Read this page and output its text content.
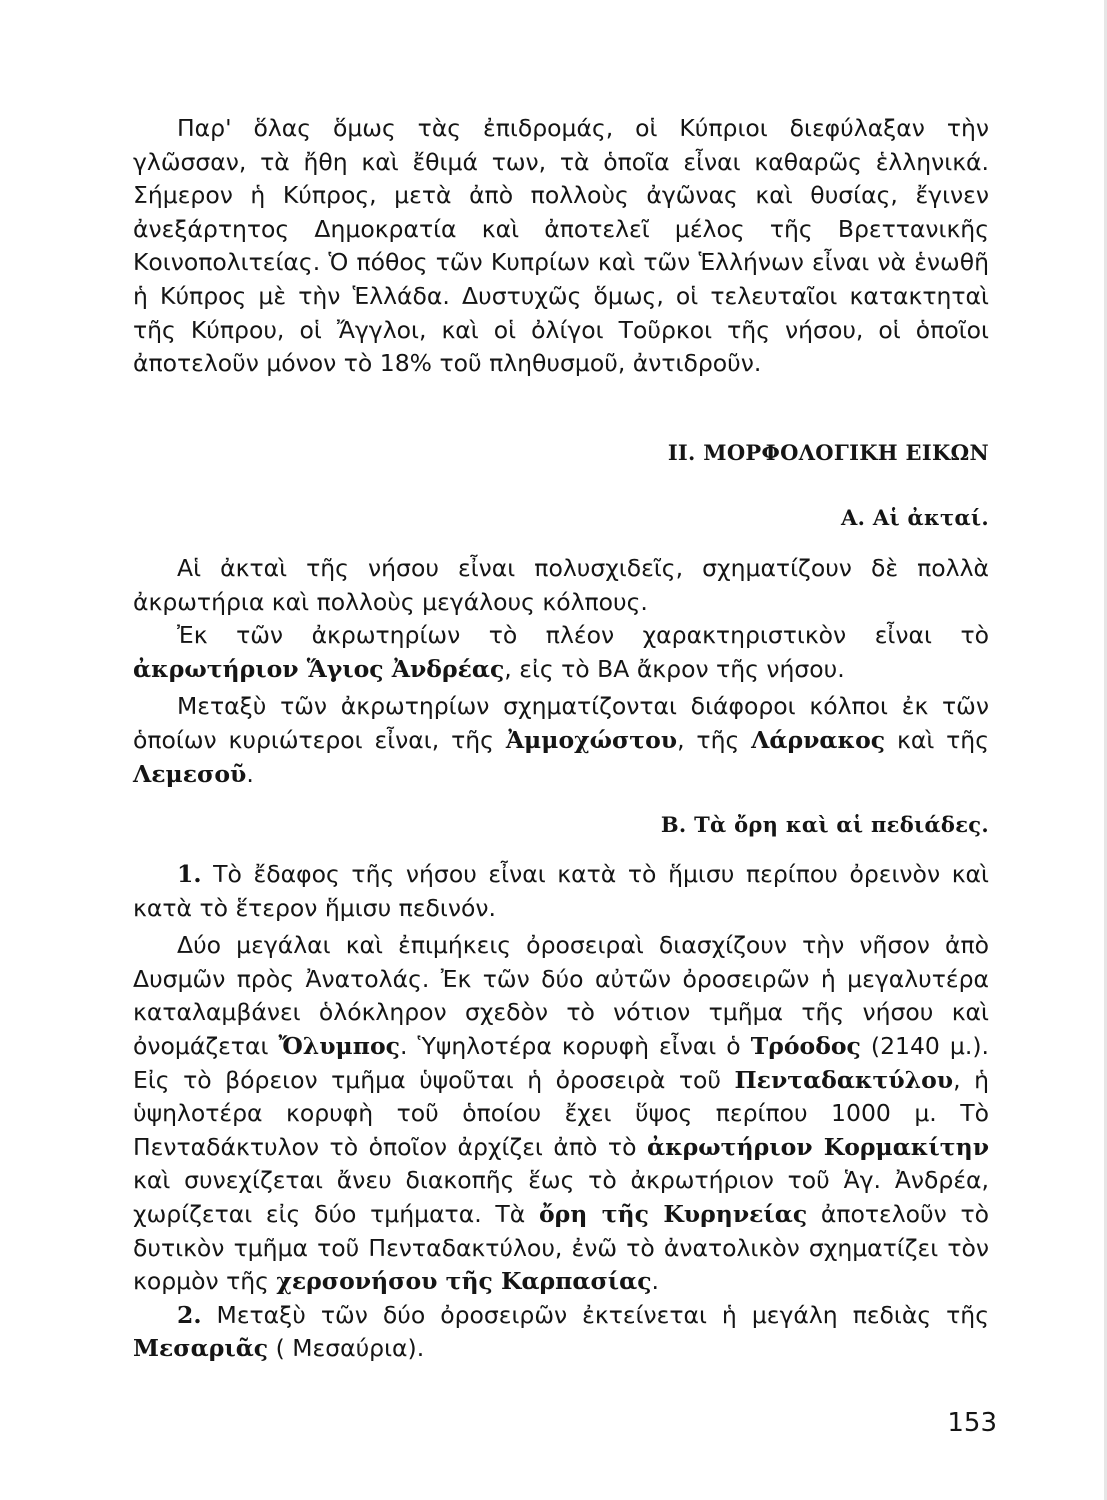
Παρ' ὅλας ὅμως τὰς ἐπιδρομάς, οἱ Κύπριοι διεφύλαξαν τὴν γλῶσσαν, τὰ ἤθη καὶ ἔθιμά των, τὰ ὁποῖα εἶναι καθαρῶς ἑλληνικά. Σήμερον ἡ Κύπρος, μετὰ ἀπὸ πολλοὺς ἀγῶνας καὶ θυσίας, ἔγινεν ἀνεξάρτητος Δημοκρατία καὶ ἀποτελεῖ μέλος τῆς Βρεττανικῆς Κοινοπολιτείας. Ὁ πόθος τῶν Κυπρίων καὶ τῶν Ἑλλήνων εἶναι νὰ ἑνωθῆ ἡ Κύπρος μὲ τὴν Ἑλλάδα. Δυστυχῶς ὅμως, οἱ τελευταῖοι κατακτηταὶ τῆς Κύπρου, οἱ Ἄγγλοι, καὶ οἱ ὀλίγοι Τοῦρκοι τῆς νήσου, οἱ ὁποῖοι ἀποτελοῦν μόνον τὸ 18% τοῦ πληθυσμοῦ, ἀντιδροῦν.

ΙΙ. ΜΟΡΦΟΛΟΓΙΚΗ ΕΙΚΩΝ
Α. Αἱ ἀκταί.

Αἱ ἀκταὶ τῆς νήσου εἶναι πολυσχιδεῖς, σχηματίζουν δὲ πολλὰ ἀκρωτήρια καὶ πολλοὺς μεγάλους κόλπους.

Ἐκ τῶν ἀκρωτηρίων τὸ πλέον χαρακτηριστικὸν εἶναι τὸ ἀκρωτήριον Ἅγιος Ἀνδρέας, εἰς τὸ ΒΑ ἄκρον τῆς νήσου.

Μεταξὺ τῶν ἀκρωτηρίων σχηματίζονται διάφοροι κόλποι ἐκ τῶν ὁποίων κυριώτεροι εἶναι, τῆς Ἀμμοχώστου, τῆς Λάρνακος καὶ τῆς Λεμεσοῦ.

Β. Τὰ ὄρη καὶ αἱ πεδιάδες.

1. Τὸ ἔδαφος τῆς νήσου εἶναι κατὰ τὸ ἥμισυ περίπου ὀρεινὸν καὶ κατὰ τὸ ἕτερον ἥμισυ πεδινόν.

Δύο μεγάλαι καὶ ἐπιμήκεις ὀροσειραὶ διασχίζουν τὴν νῆσον ἀπὸ Δυσμῶν πρὸς Ἀνατολάς. Ἐκ τῶν δύο αὐτῶν ὀροσειρῶν ἡ μεγαλυτέρα καταλαμβάνει ὁλόκληρον σχεδὸν τὸ νότιον τμῆμα τῆς νήσου καὶ ὀνομάζεται Ὄλυμπος. Ὑψηλοτέρα κορυφὴ εἶναι ὁ Τρόοδος (2140 μ.). Εἰς τὸ βόρειον τμῆμα ὑψοῦται ἡ ὀροσειρὰ τοῦ Πενταδακτύλου, ἡ ὑψηλοτέρα κορυφὴ τοῦ ὁποίου ἔχει ὕψος περίπου 1000 μ. Τὸ Πενταδάκτυλον τὸ ὁποῖον ἀρχίζει ἀπὸ τὸ ἀκρωτήριον Κορμακίτην καὶ συνεχίζεται ἄνευ διακοπῆς ἕως τὸ ἀκρωτήριον τοῦ Ἁγ. Ἀνδρέα, χωρίζεται εἰς δύο τμήματα. Τὰ ὄρη τῆς Κυρηνείας ἀποτελοῦν τὸ δυτικὸν τμῆμα τοῦ Πενταδακτύλου, ἐνῶ τὸ ἀνατολικὸν σχηματίζει τὸν κορμὸν τῆς χερσονήσου τῆς Καρπασίας.

2. Μεταξὺ τῶν δύο ὀροσειρῶν ἐκτείνεται ἡ μεγάλη πεδιὰς τῆς Μεσαριᾶς ( Μεσαύρια).

153
